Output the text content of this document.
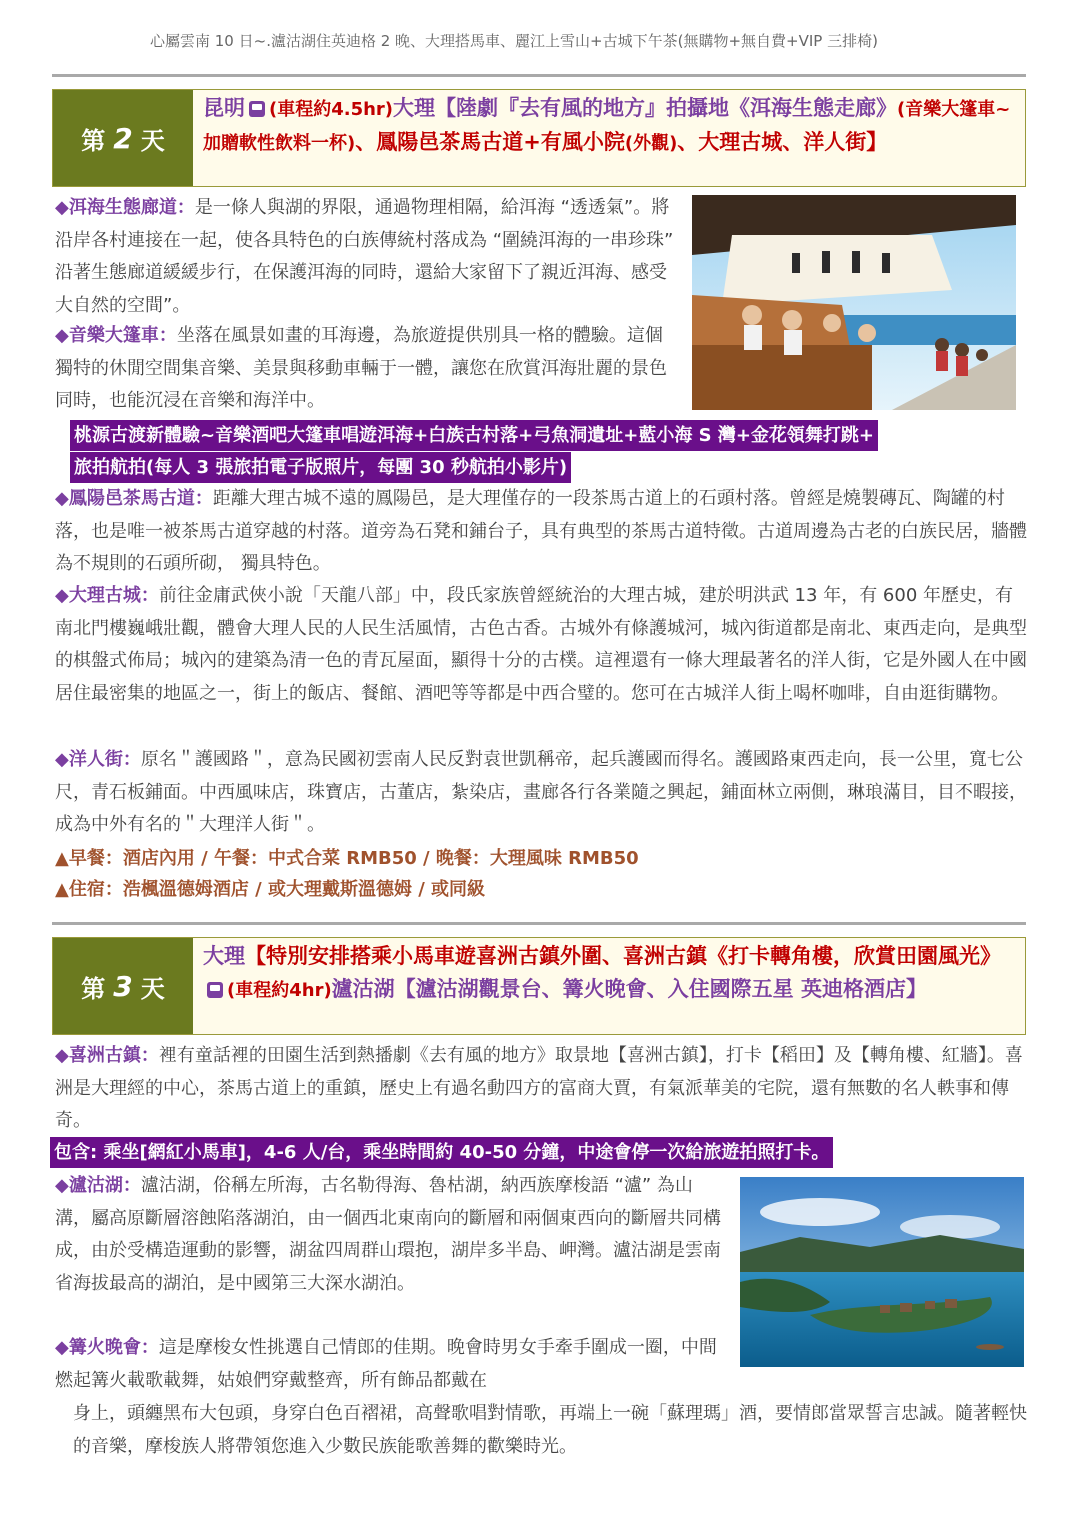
心屬雲南 10 日~.瀘沽湖住英迪格 2 晚、大理搭馬車、麗江上雪山+古城下午茶(無購物+無自費+VIP 三排椅)
第 2 天
昆明 (車程約4.5hr)大理【陸劇『去有風的地方』拍攝地《洱海生態走廊》(音樂大篷車~加贈軟性飲料一杯)、鳳陽邑茶馬古道+有風小院(外觀)、大理古城、洋人街】
◆洱海生態廊道：是一條人與湖的界限，通過物理相隔，給洱海 “透透氣”。將沿岸各村連接在一起，使各具特色的白族傳統村落成為 “圍繞洱海的一串珍珠” 沿著生態廊道緩緩步行，在保護洱海的同時，還給大家留下了親近洱海、感受大自然的空間”。
◆音樂大篷車：坐落在風景如畫的耳海邊，為旅遊提供別具一格的體驗。這個獨特的休閒空間集音樂、美景與移動車輛于一體，讓您在欣賞洱海壯麗的景色同時，也能沉浸在音樂和海洋中。
桃源古渡新體驗~音樂酒吧大篷車唱遊洱海+白族古村落+弓魚洞遺址+藍小海 S 灣+金花領舞打跳+
旅拍航拍(每人 3 張旅拍電子版照片，每團 30 秒航拍小影片)
◆鳳陽邑茶馬古道：距離大理古城不遠的鳳陽邑，是大理僅存的一段茶馬古道上的石頭村落。曾經是燒製磚瓦、陶罐的村落，也是唯一被茶馬古道穿越的村落。道旁為石凳和鋪台子，具有典型的茶馬古道特徵。古道周邊為古老的白族民居，牆體為不規則的石頭所砌， 獨具特色。
◆大理古城：前往金庸武俠小說「天龍八部」中，段氏家族曾經統治的大理古城，建於明洪武 13 年，有 600 年歷史，有南北門樓巍峨壯觀，體會大理人民的人民生活風情，古色古香。古城外有條護城河，城內街道都是南北、東西走向，是典型的棋盤式佈局；城內的建築為清一色的青瓦屋面，顯得十分的古樸。這裡還有一條大理最著名的洋人街，它是外國人在中國居住最密集的地區之一，街上的飯店、餐館、酒吧等等都是中西合璧的。您可在古城洋人街上喝杯咖啡，自由逛街購物。
◆洋人街：原名＂護國路＂，意為民國初雲南人民反對袁世凱稱帝，起兵護國而得名。護國路東西走向，長一公里，寬七公尺，青石板鋪面。中西風味店，珠寶店，古董店，紮染店，畫廊各行各業隨之興起，鋪面林立兩側，琳琅滿目，目不暇接，成為中外有名的＂大理洋人街＂。
▲早餐：酒店內用 / 午餐：中式合菜 RMB50 / 晚餐：大理風味 RMB50
▲住宿：浩楓溫德姆酒店 / 或大理戴斯溫德姆 / 或同級
第 3 天
大理【特別安排搭乘小馬車遊喜洲古鎮外圍、喜洲古鎮《打卡轉角樓，欣賞田園風光》(車程約4hr)瀘沽湖【瀘沽湖觀景台、篝火晚會、入住國際五星 英迪格酒店】
◆喜洲古鎮：裡有童話裡的田園生活到熱播劇《去有風的地方》取景地【喜洲古鎮】，打卡【稻田】及【轉角樓、紅牆】。喜洲是大理經的中心，茶馬古道上的重鎮，歷史上有過名動四方的富商大賈，有氣派華美的宅院，還有無數的名人軼事和傳奇。
包含: 乘坐[網紅小馬車]，4-6 人/台，乘坐時間約 40-50 分鐘，中途會停一次給旅遊拍照打卡。
◆瀘沽湖：瀘沽湖，俗稱左所海，古名勒得海、魯枯湖，納西族摩梭語 “瀘” 為山溝，屬高原斷層溶蝕陷落湖泊，由一個西北東南向的斷層和兩個東西向的斷層共同構成，由於受構造運動的影響，湖盆四周群山環抱，湖岸多半島、岬灣。瀘沽湖是雲南省海拔最高的湖泊，是中國第三大深水湖泊。
◆篝火晚會：這是摩梭女性挑選自己情郎的佳期。晚會時男女手牽手圍成一圈，中間燃起篝火載歌載舞，姑娘們穿戴整齊，所有飾品都戴在
身上，頭纏黑布大包頭，身穿白色百褶裙，高聲歌唱對情歌，再端上一碗「蘇理瑪」酒，要情郎當眾誓言忠誠。隨著輕快的音樂，摩梭族人將帶領您進入少數民族能歌善舞的歡樂時光。
